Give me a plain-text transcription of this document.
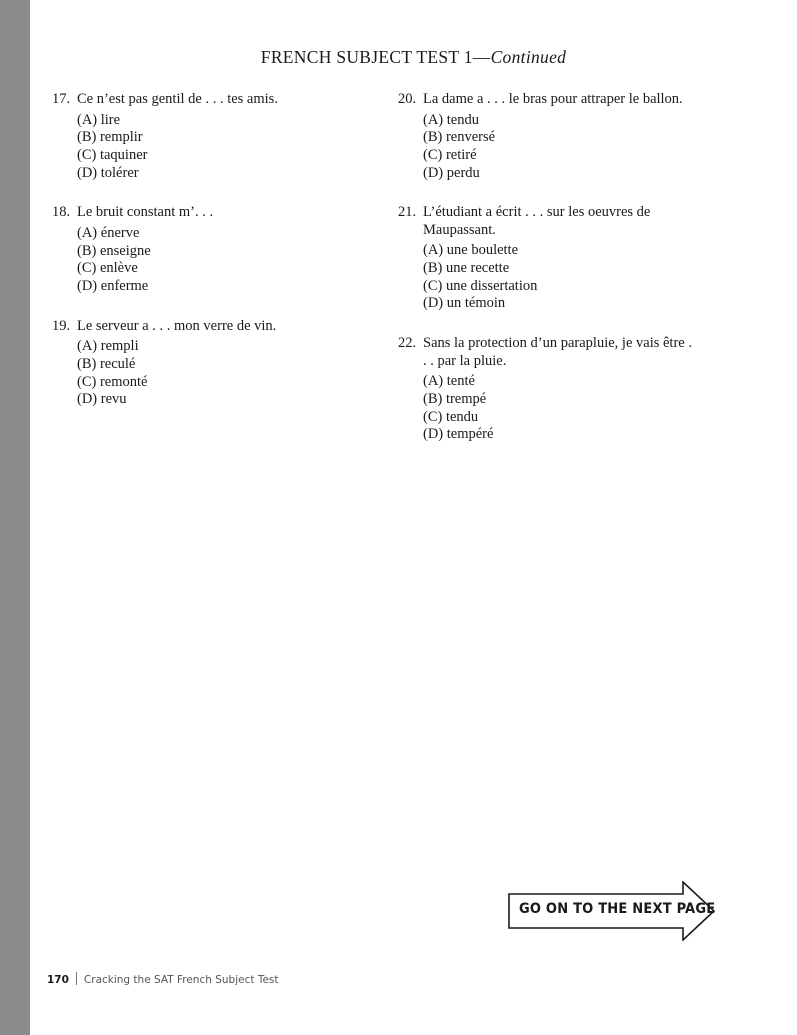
FRENCH SUBJECT TEST 1—Continued
17. Ce n’est pas gentil de . . . tes amis.
(A) lire
(B) remplir
(C) taquiner
(D) tolérer
18. Le bruit constant m’. . .
(A) énerve
(B) enseigne
(C) enlève
(D) enferme
19. Le serveur a . . . mon verre de vin.
(A) rempli
(B) reculé
(C) remonté
(D) revu
20. La dame a . . . le bras pour attraper le ballon.
(A) tendu
(B) renversé
(C) retiré
(D) perdu
21. L’étudiant a écrit . . . sur les oeuvres de Maupassant.
(A) une boulette
(B) une recette
(C) une dissertation
(D) un témoin
22. Sans la protection d’un parapluie, je vais être . . . par la pluie.
(A) tenté
(B) trempé
(C) tendu
(D) tempéré
GO ON TO THE NEXT PAGE
170 Cracking the SAT French Subject Test
